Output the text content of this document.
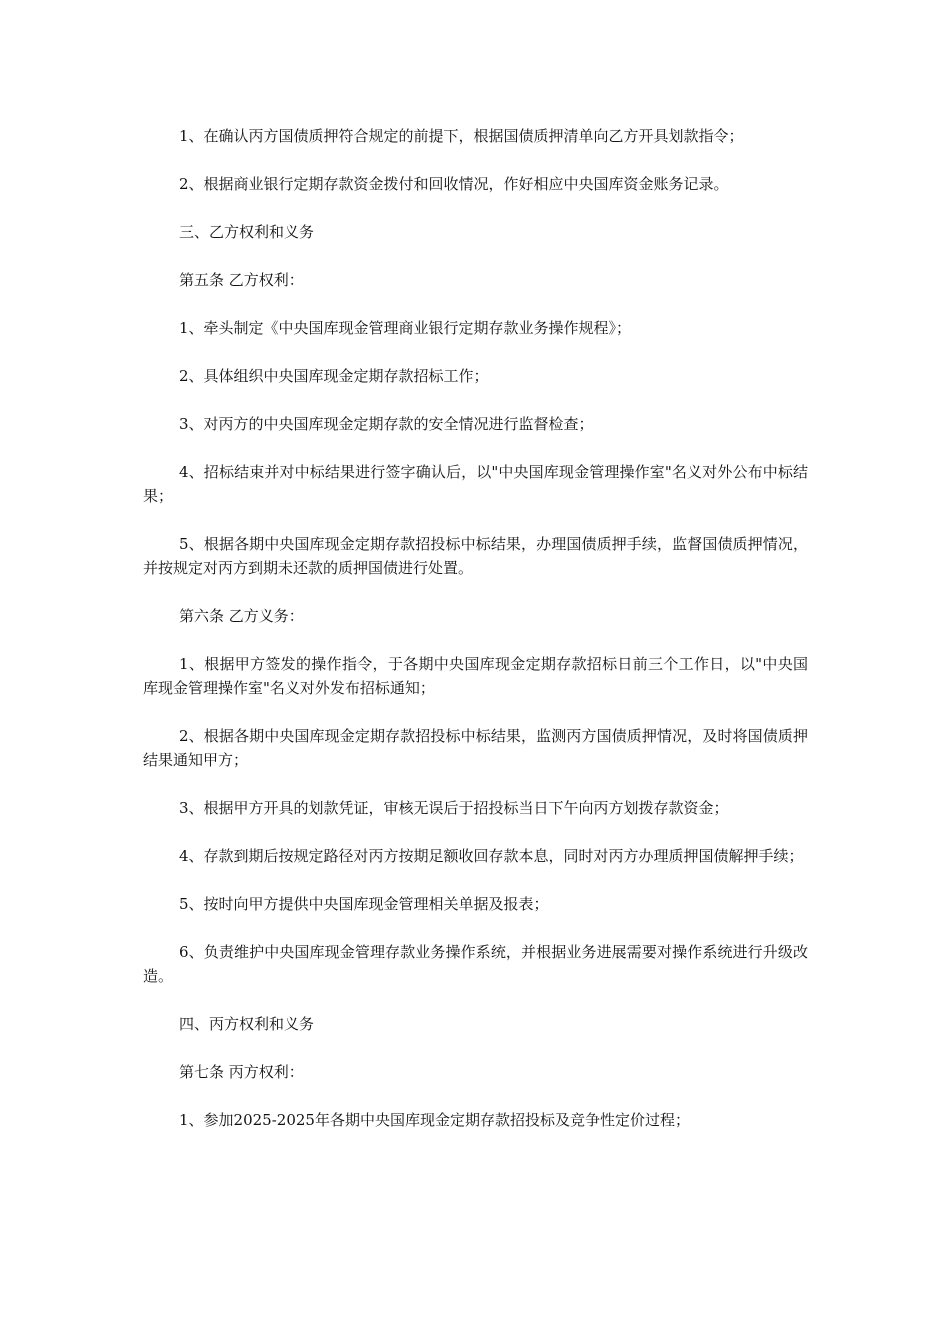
1、在确认丙方国债质押符合规定的前提下，根据国债质押清单向乙方开具划款指令；

2、根据商业银行定期存款资金拨付和回收情况，作好相应中央国库资金账务记录。

三、乙方权利和义务

第五条 乙方权利：

1、牵头制定《中央国库现金管理商业银行定期存款业务操作规程》；

2、具体组织中央国库现金定期存款招标工作；

3、对丙方的中央国库现金定期存款的安全情况进行监督检查；

4、招标结束并对中标结果进行签字确认后，以"中央国库现金管理操作室"名义对外公布中标结果；

5、根据各期中央国库现金定期存款招投标中标结果，办理国债质押手续，监督国债质押情况，并按规定对丙方到期未还款的质押国债进行处置。

第六条 乙方义务：

1、根据甲方签发的操作指令，于各期中央国库现金定期存款招标日前三个工作日，以"中央国库现金管理操作室"名义对外发布招标通知；

2、根据各期中央国库现金定期存款招投标中标结果，监测丙方国债质押情况，及时将国债质押结果通知甲方；

3、根据甲方开具的划款凭证，审核无误后于招投标当日下午向丙方划拨存款资金；

4、存款到期后按规定路径对丙方按期足额收回存款本息，同时对丙方办理质押国债解押手续；

5、按时向甲方提供中央国库现金管理相关单据及报表；

6、负责维护中央国库现金管理存款业务操作系统，并根据业务进展需要对操作系统进行升级改造。

四、丙方权利和义务

第七条 丙方权利：

1、参加2025-2025年各期中央国库现金定期存款招投标及竞争性定价过程；
